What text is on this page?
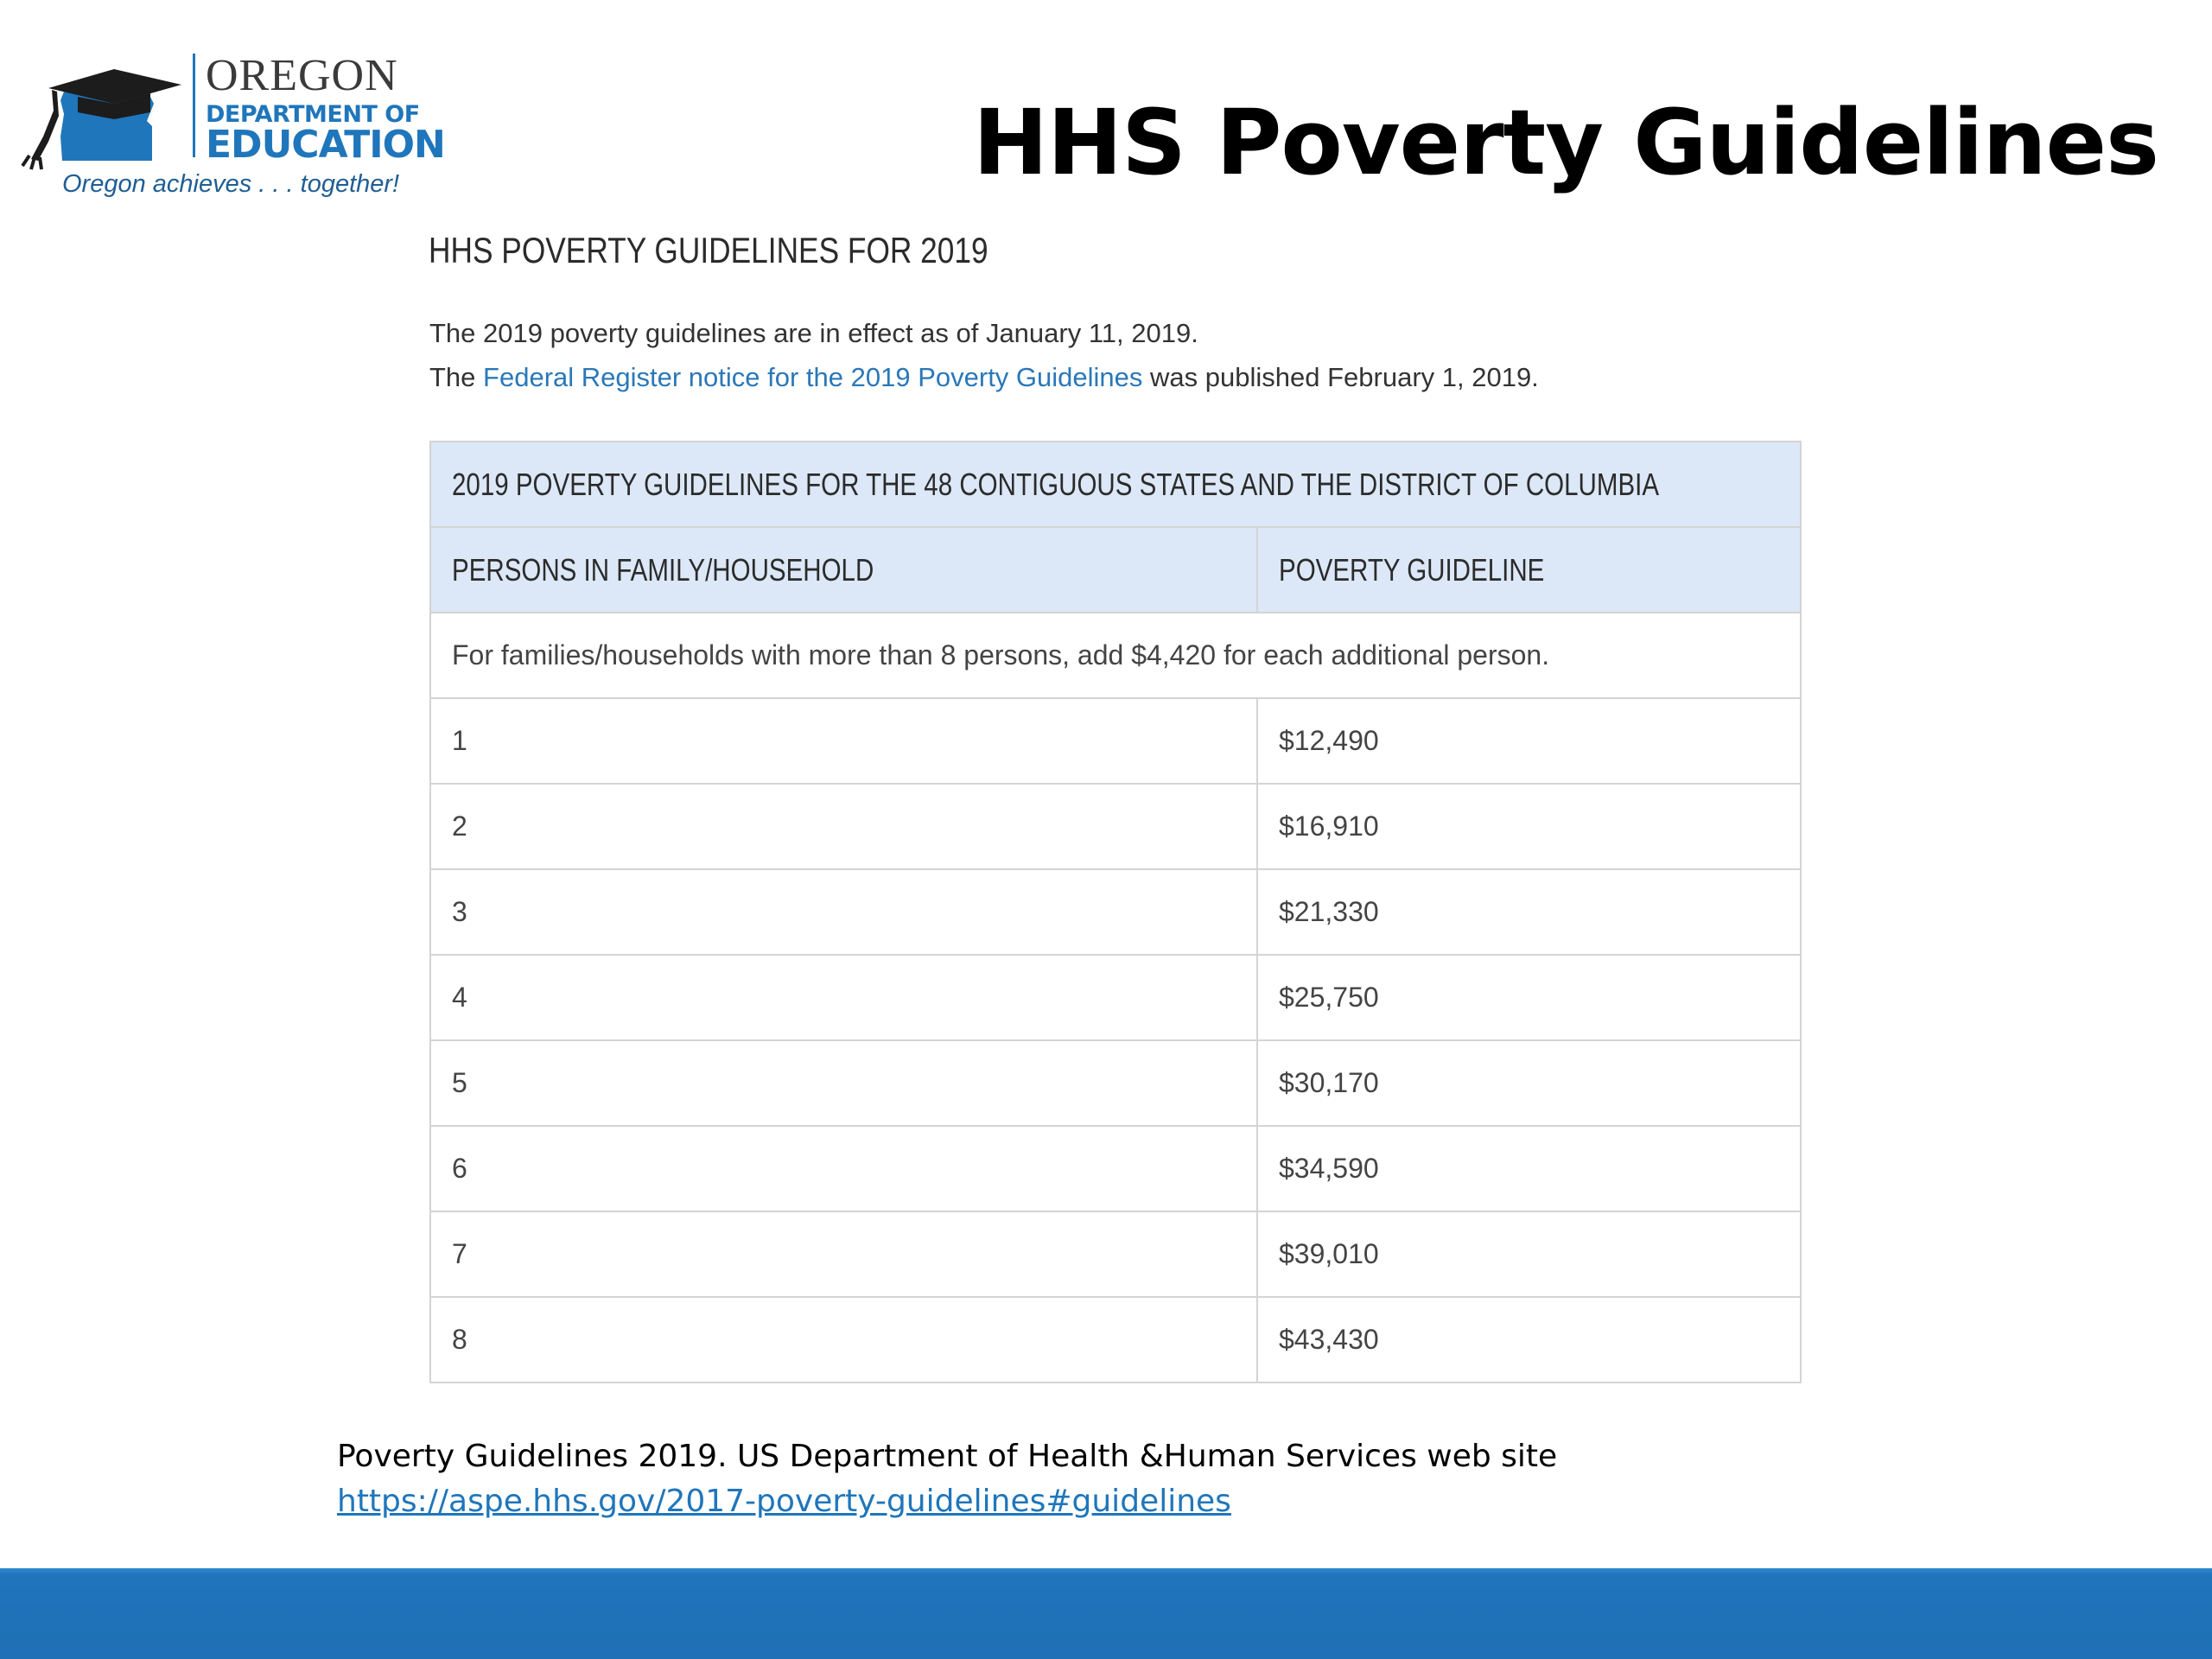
OREGON
DEPARTMENT OF
EDUCATION
Oregon achieves . . . together!	HHS Poverty Guidelines
HHS POVERTY GUIDELINES FOR 2019
The 2019 poverty guidelines are in effect as of January 11, 2019.
The Federal Register notice for the 2019 Poverty Guidelines was published February 1, 2019.
2019 POVERTY GUIDELINES FOR THE 48 CONTIGUOUS STATES AND THE DISTRICT OF COLUMBIA	
PERSONS IN FAMILY/HOUSEHOLD	POVERTY GUIDELINE
For families/households with more than 8 persons, add $4,420 for each additional person.	
1	$12,490
2	$16,910
3	$21,330
4	$25,750
5	$30,170
6	$34,590
7	$39,010
8	$43,430
Poverty Guidelines 2019. US Department of Health &Human Services web site https://aspe.hhs.gov/2017-poverty-guidelines#guidelines
